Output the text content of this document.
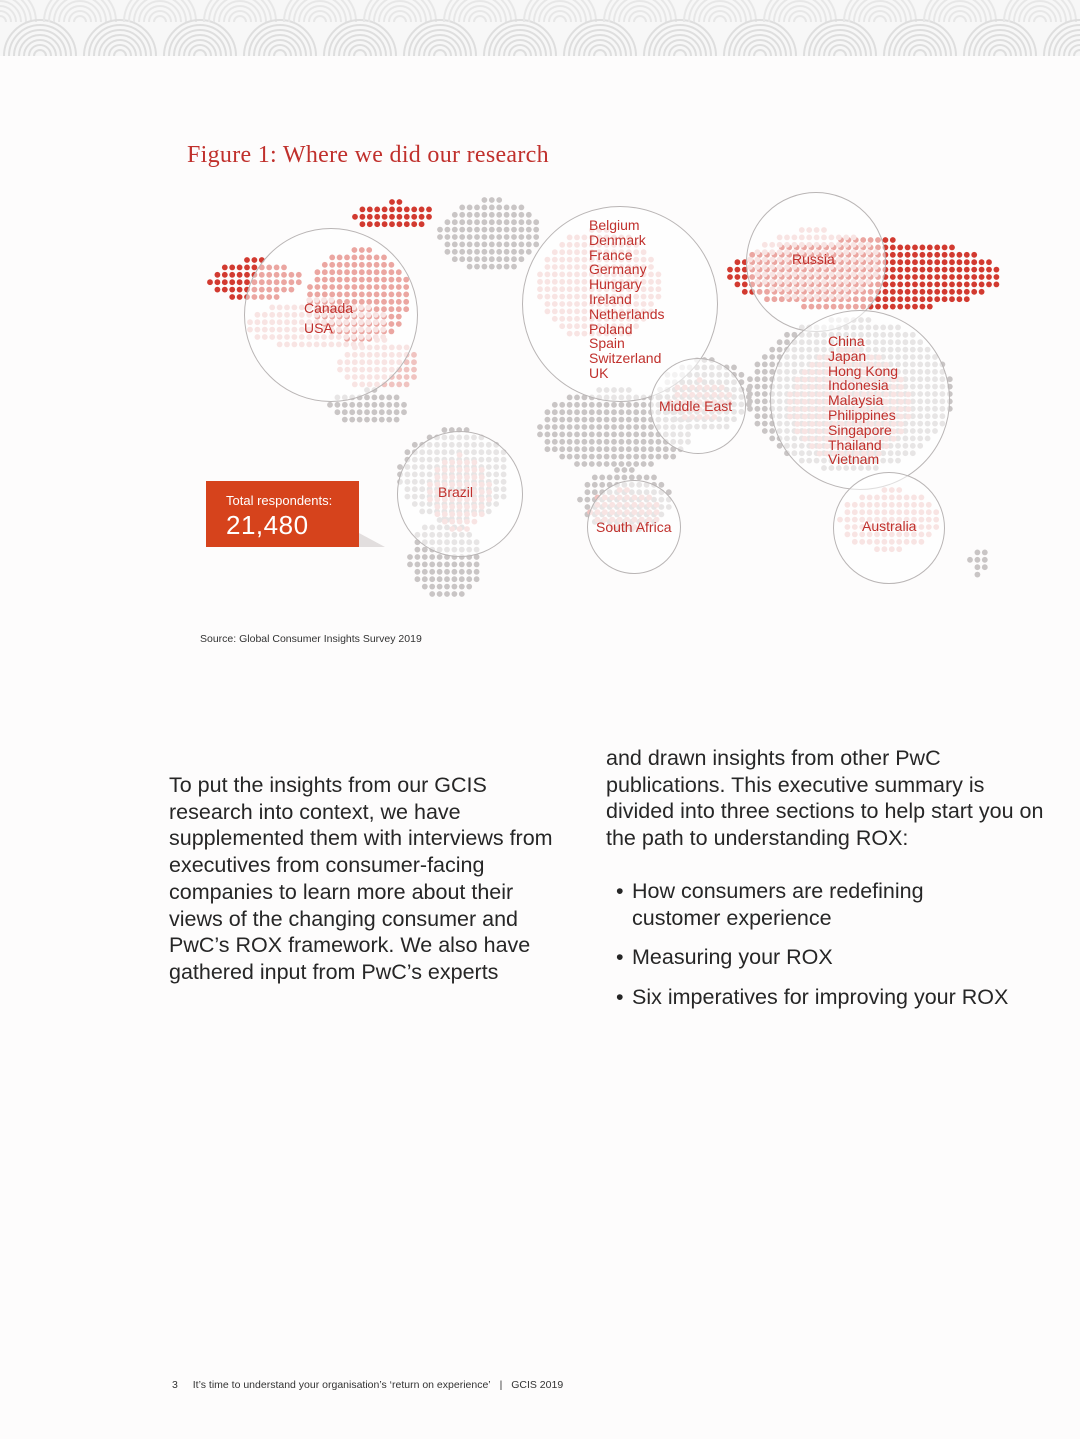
Figure 1: Where we did our research
Canada
USA
Belgium
Denmark
France
Germany
Hungary
Ireland
Netherlands
Poland
Spain
Switzerland
UK
Russia
China
Japan
Hong Kong
Indonesia
Malaysia
Philippines
Singapore
Thailand
Vietnam
Middle East
Brazil
South Africa	Australia
Total respondents:
21,480
Source: Global Consumer Insights Survey 2019

To put the insights from our GCIS research into context, we have supplemented them with interviews from executives from consumer-facing companies to learn more about their views of the changing consumer and PwC’s ROX framework. We also have gathered input from PwC’s experts

and drawn insights from other PwC publications. This executive summary is divided into three sections to help start you on the path to understanding ROX:

• How consumers are redefining customer experience
• Measuring your ROX
• Six imperatives for improving your ROX
3 It’s time to understand your organisation’s ‘return on experience’ | GCIS 2019
